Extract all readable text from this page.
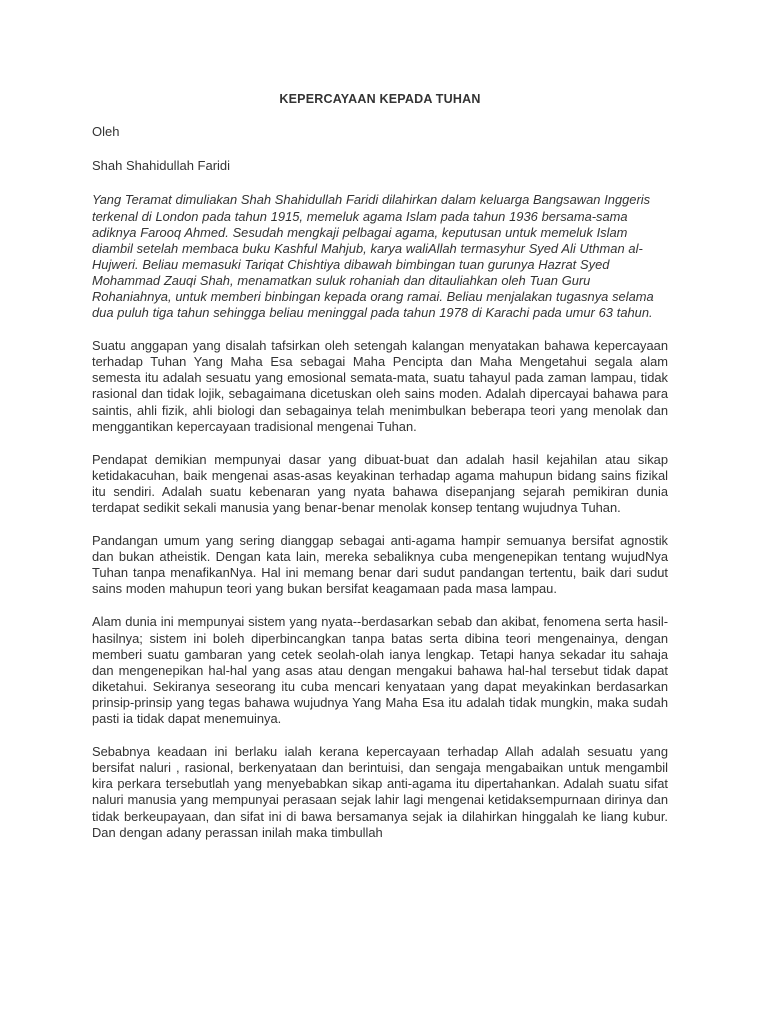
KEPERCAYAAN KEPADA TUHAN
Oleh
Shah Shahidullah Faridi

Yang Teramat dimuliakan Shah Shahidullah Faridi dilahirkan dalam keluarga Bangsawan Inggeris terkenal di London pada tahun 1915, memeluk agama Islam pada tahun 1936 bersama-sama adiknya Farooq Ahmed. Sesudah mengkaji pelbagai agama, keputusan untuk memeluk Islam diambil setelah membaca buku Kashful Mahjub, karya waliAllah termasyhur Syed Ali Uthman al-Hujweri. Beliau memasuki Tariqat Chishtiya dibawah bimbingan tuan gurunya Hazrat Syed Mohammad Zauqi Shah, menamatkan suluk rohaniah dan ditauliahkan oleh Tuan Guru Rohaniahnya, untuk memberi binbingan kepada orang ramai. Beliau menjalakan tugasnya selama dua puluh tiga tahun sehingga beliau meninggal pada tahun 1978 di Karachi pada umur 63 tahun.

Suatu anggapan yang disalah tafsirkan oleh setengah kalangan menyatakan bahawa kepercayaan terhadap Tuhan Yang Maha Esa sebagai Maha Pencipta dan Maha Mengetahui segala alam semesta itu adalah sesuatu yang emosional semata-mata, suatu tahayul pada zaman lampau, tidak rasional dan tidak lojik, sebagaimana dicetuskan oleh sains moden. Adalah dipercayai bahawa para saintis, ahli fizik, ahli biologi dan sebagainya telah menimbulkan beberapa teori yang menolak dan menggantikan kepercayaan tradisional mengenai Tuhan.

Pendapat demikian mempunyai dasar yang dibuat-buat dan adalah hasil kejahilan atau sikap ketidakacuhan, baik mengenai asas-asas keyakinan terhadap agama mahupun bidang sains fizikal itu sendiri. Adalah suatu kebenaran yang nyata bahawa disepanjang sejarah pemikiran dunia terdapat sedikit sekali manusia yang benar-benar menolak konsep tentang wujudnya Tuhan.

Pandangan umum yang sering dianggap sebagai anti-agama hampir semuanya bersifat agnostik dan bukan atheistik. Dengan kata lain, mereka sebaliknya cuba mengenepikan tentang wujudNya Tuhan tanpa menafikanNya. Hal ini memang benar dari sudut pandangan tertentu, baik dari sudut sains moden mahupun teori yang bukan bersifat keagamaan pada masa lampau.

Alam dunia ini mempunyai sistem yang nyata--berdasarkan sebab dan akibat, fenomena serta hasil-hasilnya; sistem ini boleh diperbincangkan tanpa batas serta dibina teori mengenainya, dengan memberi suatu gambaran yang cetek seolah-olah ianya lengkap. Tetapi hanya sekadar itu sahaja dan mengenepikan hal-hal yang asas atau dengan mengakui bahawa hal-hal tersebut tidak dapat diketahui. Sekiranya seseorang itu cuba mencari kenyataan yang dapat meyakinkan berdasarkan prinsip-prinsip yang tegas bahawa wujudnya Yang Maha Esa itu adalah tidak mungkin, maka sudah pasti ia tidak dapat menemuinya.

Sebabnya keadaan ini berlaku ialah kerana kepercayaan terhadap Allah adalah sesuatu yang bersifat naluri , rasional, berkenyataan dan berintuisi, dan sengaja mengabaikan untuk mengambil kira perkara tersebutlah yang menyebabkan sikap anti-agama itu dipertahankan. Adalah suatu sifat naluri manusia yang mempunyai perasaan sejak lahir lagi mengenai ketidaksempurnaan dirinya dan tidak berkeupayaan, dan sifat ini di bawa bersamanya sejak ia dilahirkan hinggalah ke liang kubur. Dan dengan adany perassan inilah maka timbullah
